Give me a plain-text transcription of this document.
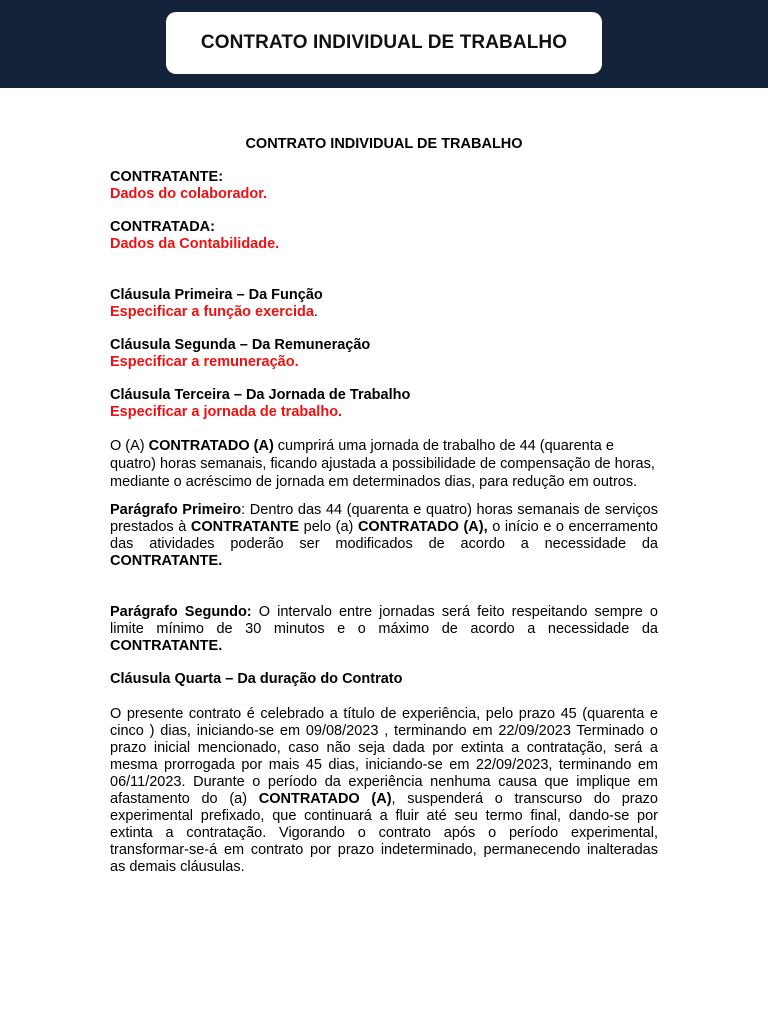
CONTRATO INDIVIDUAL DE TRABALHO
CONTRATO INDIVIDUAL DE TRABALHO
CONTRATANTE:
Dados do colaborador.
CONTRATADA:
Dados da Contabilidade.
Cláusula Primeira – Da Função
Especificar a função exercida.
Cláusula Segunda – Da Remuneração
Especificar a remuneração.
Cláusula Terceira – Da Jornada de Trabalho
Especificar a jornada de trabalho.

O (A) CONTRATADO (A) cumprirá uma jornada de trabalho de 44 (quarenta e quatro) horas semanais, ficando ajustada a possibilidade de compensação de horas, mediante o acréscimo de jornada em determinados dias, para redução em outros.

Parágrafo Primeiro: Dentro das 44 (quarenta e quatro) horas semanais de serviços prestados à CONTRATANTE pelo (a) CONTRATADO (A), o início e o encerramento das atividades poderão ser modificados de acordo a necessidade da CONTRATANTE.

Parágrafo Segundo: O intervalo entre jornadas será feito respeitando sempre o limite mínimo de 30 minutos e o máximo de acordo a necessidade da CONTRATANTE.

Cláusula Quarta – Da duração do Contrato

O presente contrato é celebrado a título de experiência, pelo prazo 45 (quarenta e cinco ) dias, iniciando-se em 09/08/2023 , terminando em 22/09/2023 Terminado o prazo inicial mencionado, caso não seja dada por extinta a contratação, será a mesma prorrogada por mais 45 dias, iniciando-se em 22/09/2023, terminando em 06/11/2023. Durante o período da experiência nenhuma causa que implique em afastamento do (a) CONTRATADO (A), suspenderá o transcurso do prazo experimental prefixado, que continuará a fluir até seu termo final, dando-se por extinta a contratação. Vigorando o contrato após o período experimental, transformar-se-á em contrato por prazo indeterminado, permanecendo inalteradas as demais cláusulas.
